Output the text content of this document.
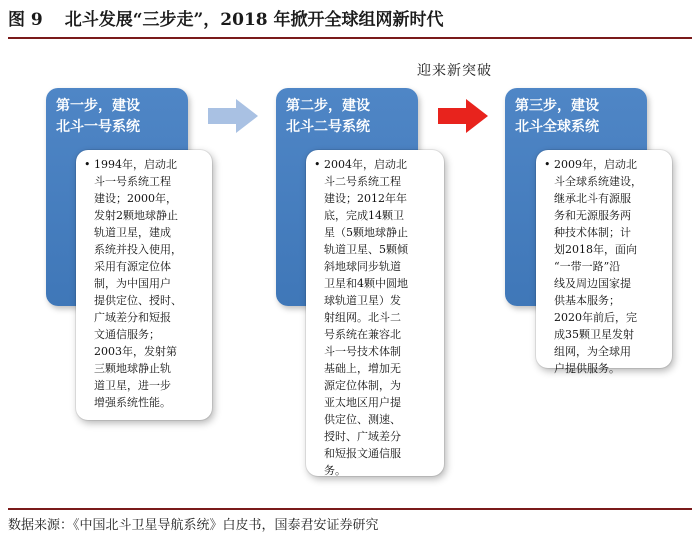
图 9 北斗发展“三步走”，2018 年掀开全球组网新时代
迎来新突破
第一步，建设
北斗一号系统
• 1994年，启动北
斗一号系统工程
建设；2000年，
发射2颗地球静止
轨道卫星，建成
系统并投入使用，
采用有源定位体
制，为中国用户
提供定位、授时、
广域差分和短报
文通信服务；
2003年，发射第
三颗地球静止轨
道卫星，进一步
增强系统性能。
第二步，建设
北斗二号系统
• 2004年，启动北
斗二号系统工程
建设；2012年年
底，完成14颗卫
星（5颗地球静止
轨道卫星、5颗倾
斜地球同步轨道
卫星和4颗中圆地
球轨道卫星）发
射组网。北斗二
号系统在兼容北
斗一号技术体制
基础上，增加无
源定位体制，为
亚太地区用户提
供定位、测速、
授时、广域差分
和短报文通信服
务。
第三步，建设
北斗全球系统
• 2009年，启动北
斗全球系统建设，
继承北斗有源服
务和无源服务两
种技术体制；计
划2018年，面向
“一带一路”沿
线及周边国家提
供基本服务；
2020年前后，完
成35颗卫星发射
组网，为全球用
户提供服务。
数据来源：《中国北斗卫星导航系统》白皮书，国泰君安证券研究
